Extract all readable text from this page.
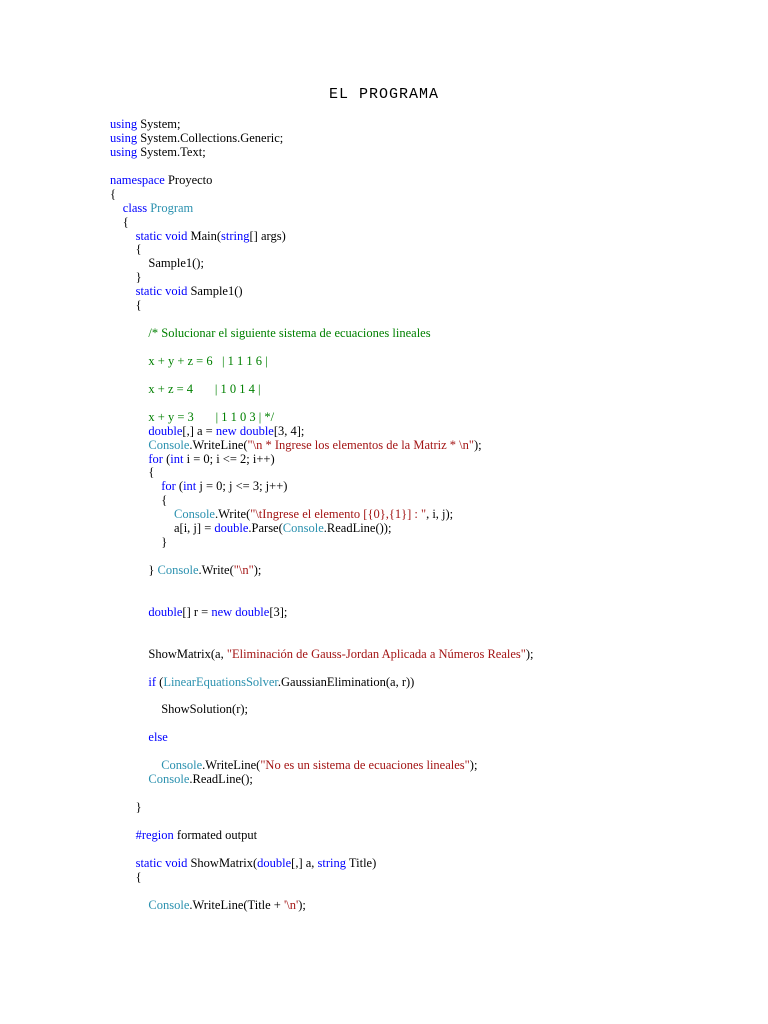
EL PROGRAMA
using System;
using System.Collections.Generic;
using System.Text;
namespace Proyecto
{
class Program
{
static void Main(string[] args)
{
Sample1();
}
static void Sample1()
{
/* Solucionar el siguiente sistema de ecuaciones lineales
x + y + z = 6   | 1 1 1 6 |
x + z = 4       | 1 0 1 4 |
x + y = 3       | 1 1 0 3 | */
double[,] a = new double[3, 4];
Console.WriteLine("\n * Ingrese los elementos de la Matriz * \n");
for (int i = 0; i <= 2; i++)
{
for (int j = 0; j <= 3; j++)
{
Console.Write("\tIngrese el elemento [{0},{1}] : ", i, j);
a[i, j] = double.Parse(Console.ReadLine());
}
} Console.Write("\n");
double[] r = new double[3];
ShowMatrix(a, "Eliminación de Gauss-Jordan Aplicada a Números Reales");
if (LinearEquationsSolver.GaussianElimination(a, r))
ShowSolution(r);
else
Console.WriteLine("No es un sistema de ecuaciones lineales");
Console.ReadLine();
}
#region formated output
static void ShowMatrix(double[,] a, string Title)
{
Console.WriteLine(Title + '\n');
